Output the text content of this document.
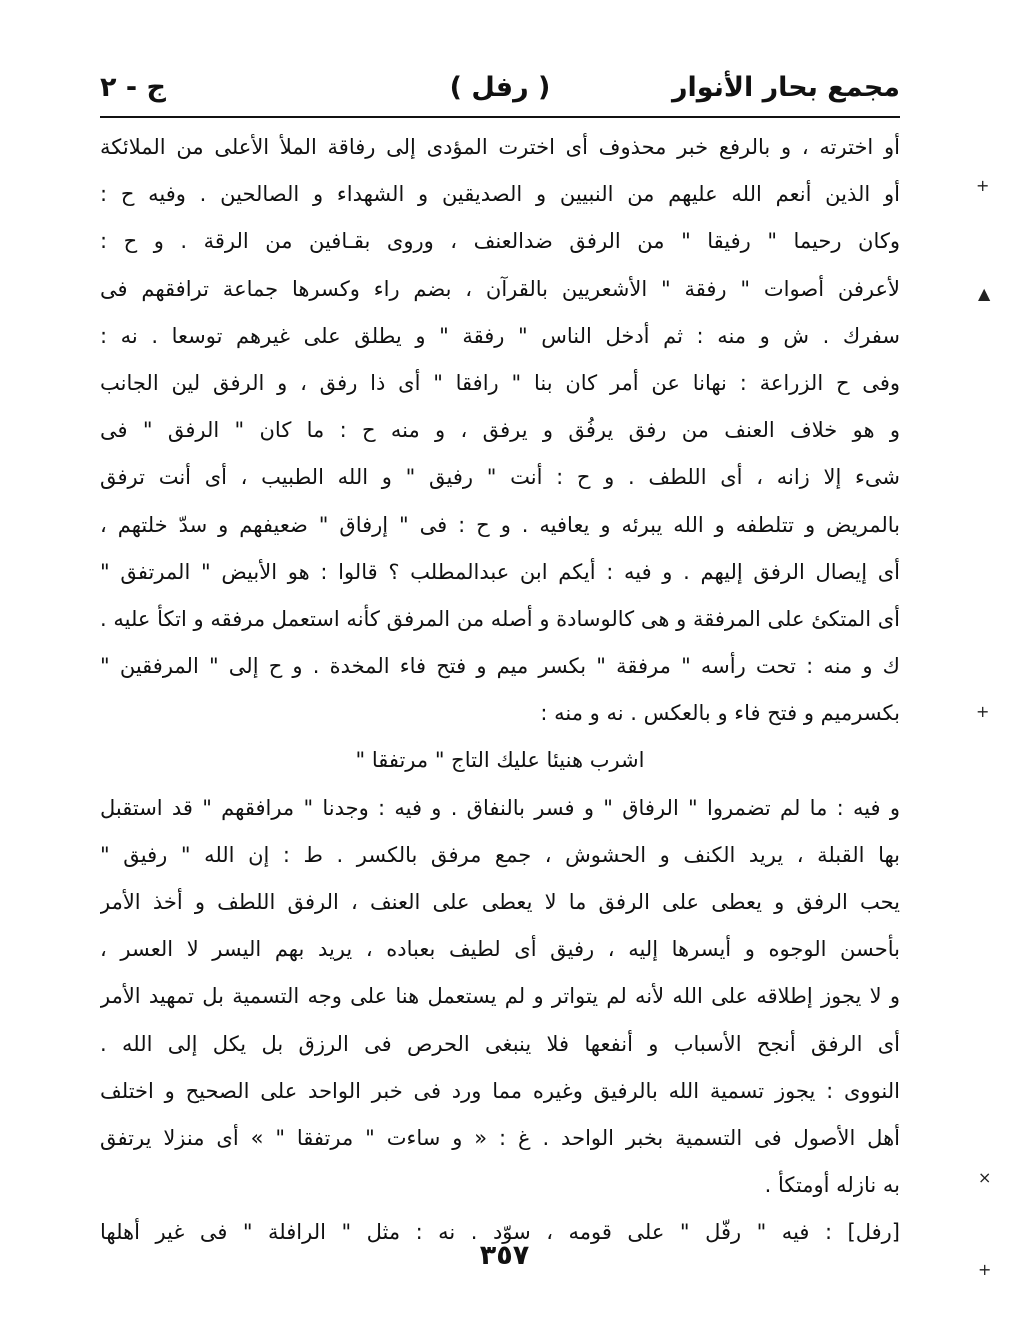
مجمع بحار الأنوار
( رفل )
ج - ٢
أو اخترته ، و بالرفع خبر محذوف أى اخترت المؤدى إلى رفاقة الملأ الأعلى من الملائكة
أو الذين أنعم الله عليهم من النبيين و الصديقين و الشهداء و الصالحين . وفيه ح :
وكان رحيما " رفيقا " من الرفق ضدالعنف ، وروى بقـافين من الرقة . و ح :
لأعرفن أصوات " رفقة " الأشعريين بالقرآن ، بضم راء وكسرها جماعة ترافقهم فى
سفرك . ش و منه : ثم أدخل الناس " رفقة " و يطلق على غيرهم توسعا . نه :
وفى ح الزراعة : نهانا عن أمر كان بنا " رافقا " أى ذا رفق ، و الرفق لين الجانب
و هو خلاف العنف من رفق يرفُق و يرفق ، و منه ح : ما كان " الرفق " فى
شىء إلا زانه ، أى اللطف . و ح : أنت " رفيق " و الله الطبيب ، أى أنت ترفق
بالمريض و تتلطفه و الله يبرئه و يعافيه . و ح : فى " إرفاق " ضعيفهم و سدّ خلتهم ،
أى إيصال الرفق إليهم . و فيه : أيكم ابن عبدالمطلب ؟ قالوا : هو الأبيض " المرتفق "
أى المتكئ على المرفقة و هى كالوسادة و أصله من المرفق كأنه استعمل مرفقه و اتكأ عليه .
ك و منه : تحت رأسه " مرفقة " بكسر ميم و فتح فاء المخدة . و ح إلى " المرفقين "
بكسرميم و فتح فاء و بالعكس . نه و منه :
اشرب هنيئا عليك التاج " مرتفقا "
و فيه : ما لم تضمروا " الرفاق " و فسر بالنفاق . و فيه : وجدنا " مرافقهم " قد استقبل
بها القبلة ، يريد الكنف و الحشوش ، جمع مرفق بالكسر . ط : إن الله " رفيق "
يحب الرفق و يعطى على الرفق ما لا يعطى على العنف ، الرفق اللطف و أخذ الأمر
بأحسن الوجوه و أيسرها إليه ، رفيق أى لطيف بعباده ، يريد بهم اليسر لا العسر ،
و لا يجوز إطلاقه على الله لأنه لم يتواتر و لم يستعمل هنا على وجه التسمية بل تمهيد الأمر
أى الرفق أنجح الأسباب و أنفعها فلا ينبغى الحرص فى الرزق بل يكل إلى الله .
النووى : يجوز تسمية الله بالرفيق وغيره مما ورد فى خبر الواحد على الصحيح و اختلف
أهل الأصول فى التسمية بخبر الواحد . غ : « و ساءت " مرتفقا " » أى منزلا يرتفق
به نازله أومتكأ .
[رفل] : فيه " رفّل " على قومه ، سوّد . نه : مثل " الرافلة " فى غير أهلها
٣٥٧
+
▲
+
×
+
